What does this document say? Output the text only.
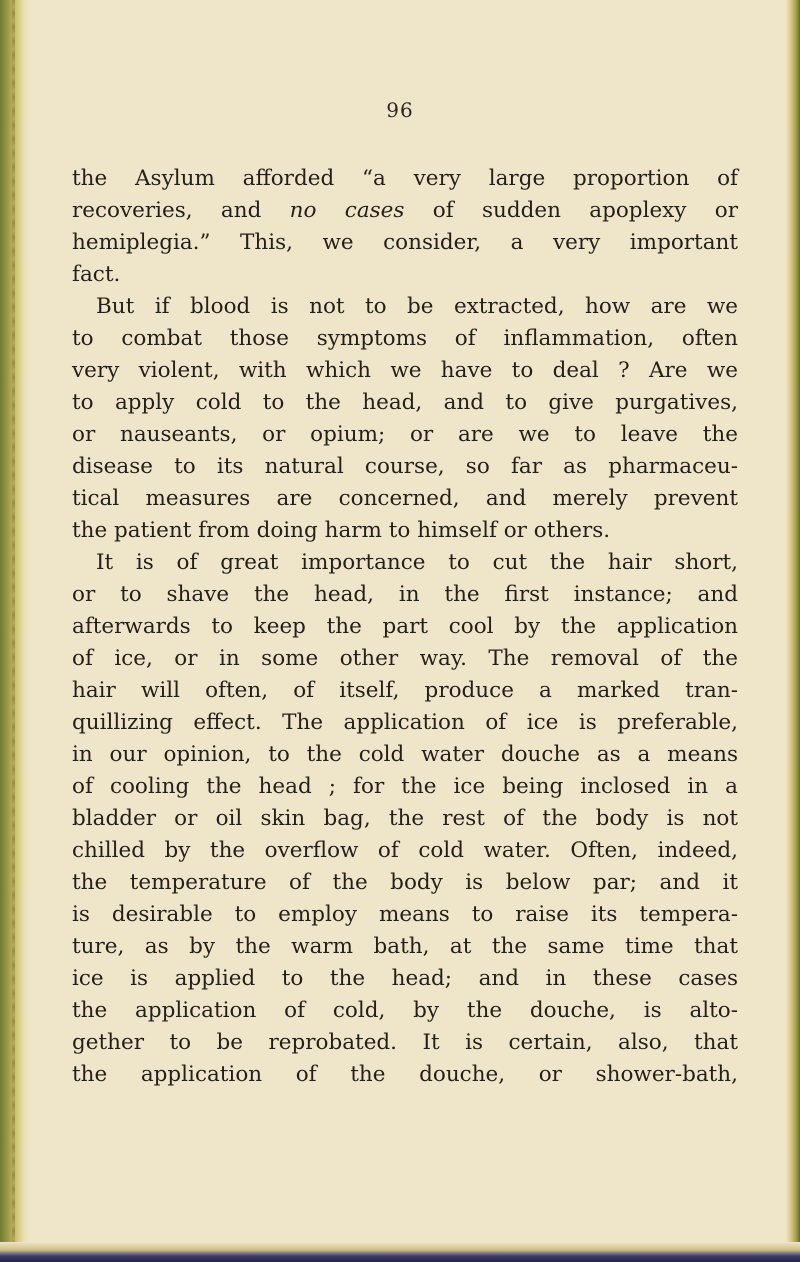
96
the Asylum afforded “a very large proportion of
recoveries, and no cases of sudden apoplexy or
hemiplegia.” This, we consider, a very important
fact.
But if blood is not to be extracted, how are we
to combat those symptoms of inflammation, often
very violent, with which we have to deal ? Are we
to apply cold to the head, and to give purgatives,
or nauseants, or opium; or are we to leave the
disease to its natural course, so far as pharmaceu-
tical measures are concerned, and merely prevent
the patient from doing harm to himself or others.
It is of great importance to cut the hair short,
or to shave the head, in the first instance; and
afterwards to keep the part cool by the application
of ice, or in some other way. The removal of the
hair will often, of itself, produce a marked tran-
quillizing effect. The application of ice is preferable,
in our opinion, to the cold water douche as a means
of cooling the head ; for the ice being inclosed in a
bladder or oil skin bag, the rest of the body is not
chilled by the overflow of cold water. Often, indeed,
the temperature of the body is below par; and it
is desirable to employ means to raise its tempera-
ture, as by the warm bath, at the same time that
ice is applied to the head; and in these cases
the application of cold, by the douche, is alto-
gether to be reprobated. It is certain, also, that
the application of the douche, or shower-bath,
